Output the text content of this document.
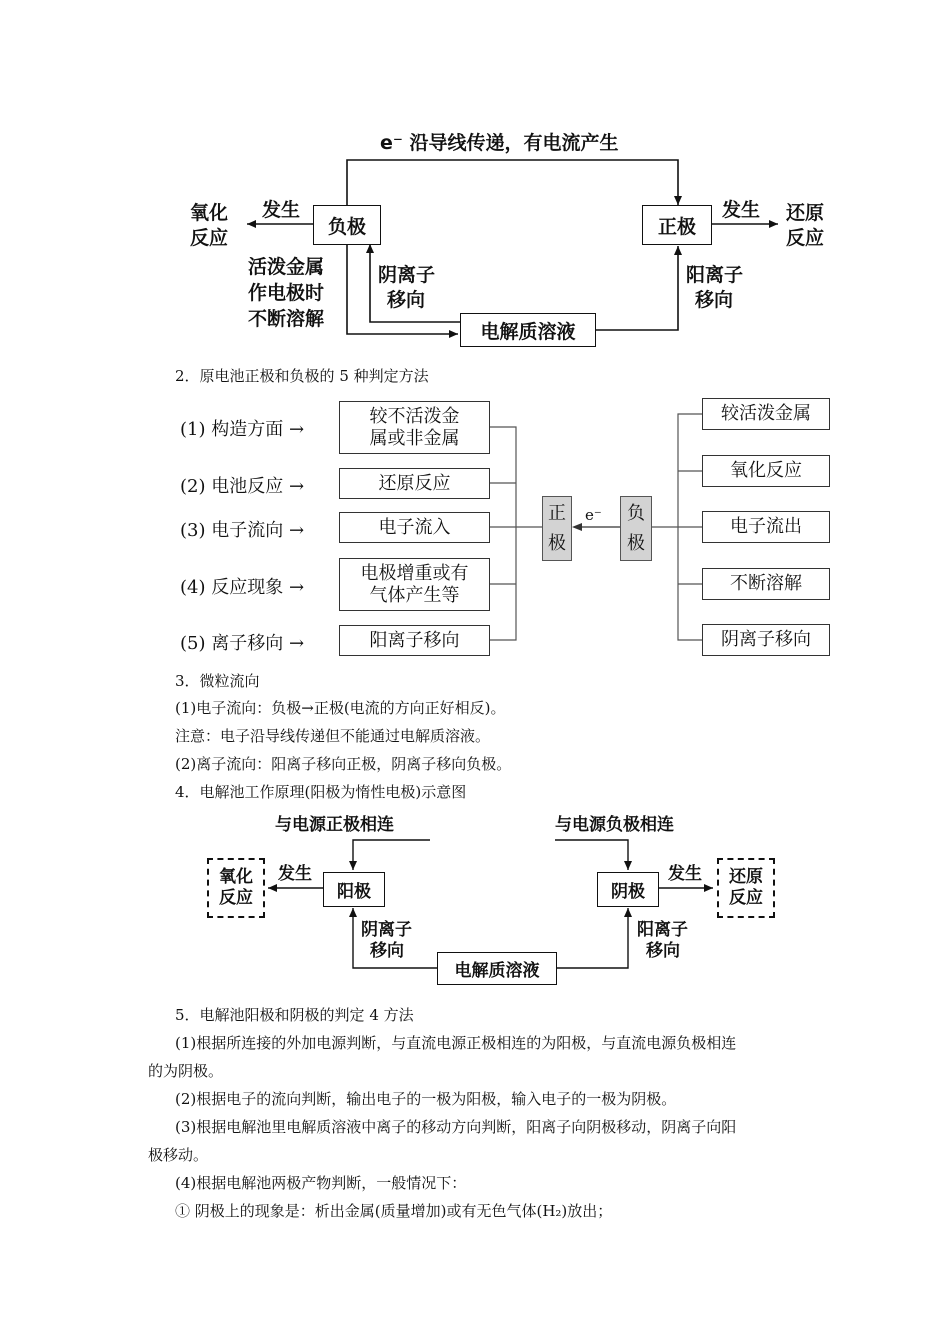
e⁻ 沿导线传递，有电流产生
负极	正极
发生	发生
氧化
反应
还原
反应
活泼金属
作电极时
不断溶解
阴离子
移向
阳离子
移向
电解质溶液
2．原电池正极和负极的 5 种判定方法
(1) 构造方面 →
(2) 电池反应 →
(3) 电子流向 →
(4) 反应现象 →
(5) 离子移向 →
较不活泼金
属或非金属
还原反应
电子流入
电极增重或有
气体产生等
阳离子移向
正
极
e⁻ 负
极
较活泼金属
氧化反应
电子流出
不断溶解
阴离子移向
3．微粒流向
(1)电子流向：负极→正极(电流的方向正好相反)。
注意：电子沿导线传递但不能通过电解质溶液。
(2)离子流向：阳离子移向正极，阴离子移向负极。
4．电解池工作原理(阳极为惰性电极)示意图
与电源正极相连	与电源负极相连
阳极	阴极
发生	发生
氧化
反应
还原
反应
阴离子
移向
阳离子
移向
电解质溶液
5．电解池阳极和阴极的判定 4 方法
(1)根据所连接的外加电源判断，与直流电源正极相连的为阳极，与直流电源负极相连
的为阴极。
(2)根据电子的流向判断，输出电子的一极为阳极，输入电子的一极为阴极。
(3)根据电解池里电解质溶液中离子的移动方向判断，阳离子向阴极移动，阴离子向阳
极移动。
(4)根据电解池两极产物判断，一般情况下：
① 阴极上的现象是：析出金属(质量增加)或有无色气体(H₂)放出；
